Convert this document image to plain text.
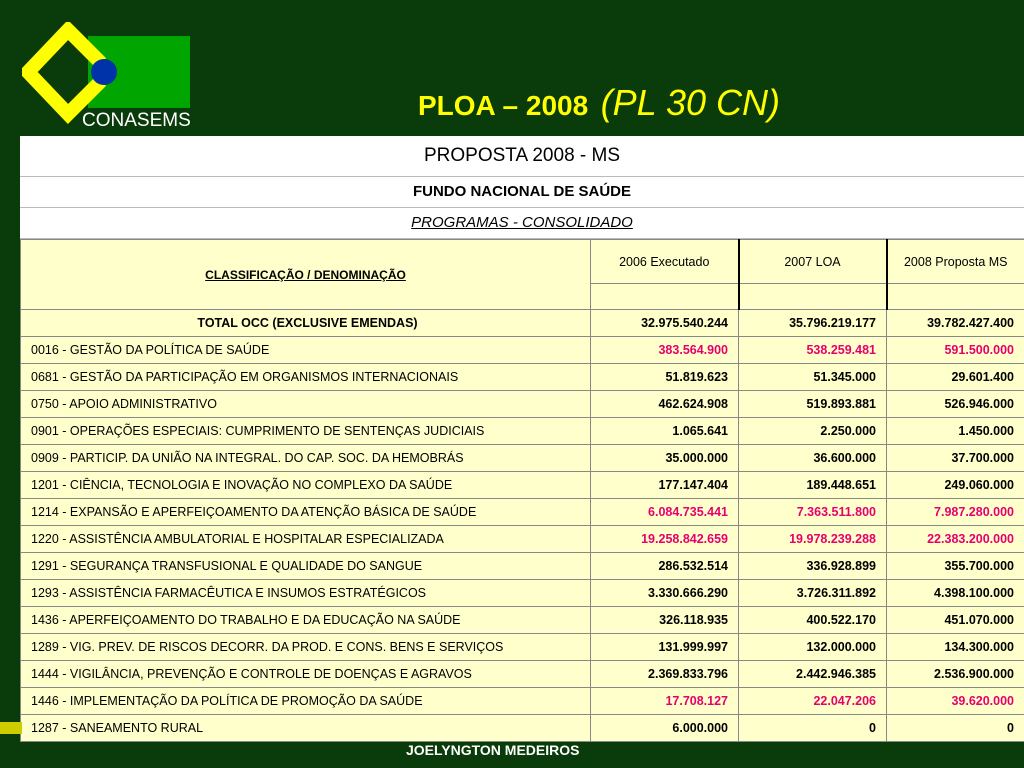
CONASEMS	PLOA – 2008 (PL 30 CN)
PROPOSTA 2008 - MS
FUNDO NACIONAL DE SAÚDE
PROGRAMAS - CONSOLIDADO
CLASSIFICAÇÃO / DENOMINAÇÃO	2006 Executado	2007 LOA	2008 Proposta MS

TOTAL OCC (EXCLUSIVE EMENDAS)	32.975.540.244	35.796.219.177	39.782.427.400
0016 - GESTÃO DA POLÍTICA DE SAÚDE	383.564.900	538.259.481	591.500.000
0681 - GESTÃO DA PARTICIPAÇÃO EM ORGANISMOS INTERNACIONAIS	51.819.623	51.345.000	29.601.400
0750 - APOIO ADMINISTRATIVO	462.624.908	519.893.881	526.946.000
0901 - OPERAÇÕES ESPECIAIS: CUMPRIMENTO DE SENTENÇAS JUDICIAIS	1.065.641	2.250.000	1.450.000
0909 - PARTICIP. DA UNIÃO NA INTEGRAL. DO CAP. SOC. DA HEMOBRÁS	35.000.000	36.600.000	37.700.000
1201 - CIÊNCIA, TECNOLOGIA E INOVAÇÃO NO COMPLEXO DA SAÚDE	177.147.404	189.448.651	249.060.000
1214 - EXPANSÃO E APERFEIÇOAMENTO DA ATENÇÃO BÁSICA DE SAÚDE	6.084.735.441	7.363.511.800	7.987.280.000
1220 - ASSISTÊNCIA AMBULATORIAL E HOSPITALAR ESPECIALIZADA	19.258.842.659	19.978.239.288	22.383.200.000
1291 - SEGURANÇA TRANSFUSIONAL E QUALIDADE DO SANGUE	286.532.514	336.928.899	355.700.000
1293 - ASSISTÊNCIA FARMACÊUTICA E INSUMOS ESTRATÉGICOS	3.330.666.290	3.726.311.892	4.398.100.000
1436 - APERFEIÇOAMENTO DO TRABALHO E DA EDUCAÇÃO NA SAÚDE	326.118.935	400.522.170	451.070.000
1289 - VIG. PREV. DE RISCOS DECORR. DA PROD. E CONS. BENS E SERVIÇOS	131.999.997	132.000.000	134.300.000
1444 - VIGILÂNCIA, PREVENÇÃO E CONTROLE DE DOENÇAS E AGRAVOS	2.369.833.796	2.442.946.385	2.536.900.000
1446 - IMPLEMENTAÇÃO DA POLÍTICA DE PROMOÇÃO DA SAÚDE	17.708.127	22.047.206	39.620.000
1287 - SANEAMENTO RURAL	6.000.000	0	0
JOELYNGTON MEDEIROS
